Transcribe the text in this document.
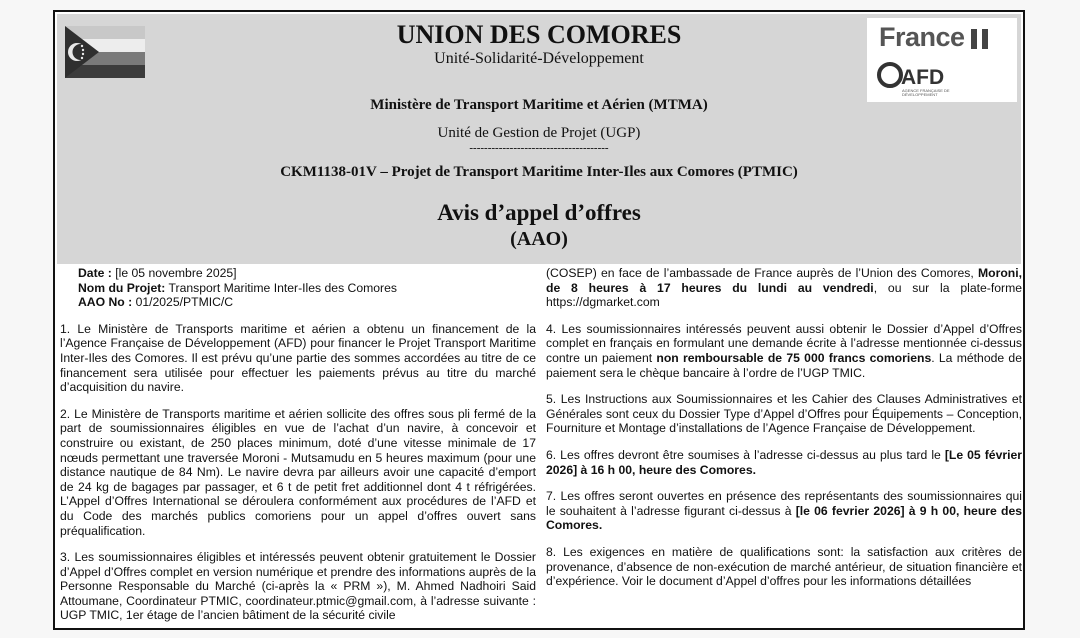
UNION DES COMORES
Unité-Solidarité-Développement
Ministère de Transport Maritime et Aérien (MTMA)
Unité de Gestion de Projet (UGP)
--------------------------------------
CKM1138-01V – Projet de Transport Maritime Inter-Iles aux Comores (PTMIC)
Avis d’appel d’offres
(AAO)
France
AFD
AGENCE FRANÇAISE DE DÉVELOPPEMENT
Date : [le 05 novembre 2025]
Nom du Projet: Transport Maritime Inter-Iles des Comores
AAO No : 01/2025/PTMIC/C

1. Le Ministère de Transports maritime et aérien a obtenu un financement de la l’Agence Française de Développement (AFD) pour financer le Projet Transport Maritime Inter-Iles des Comores. Il est prévu qu’une partie des sommes accordées au titre de ce financement sera utilisée pour effectuer les paiements prévus au titre du marché d’acquisition du navire.

2. Le Ministère de Transports maritime et aérien sollicite des offres sous pli fermé de la part de soumissionnaires éligibles en vue de l’achat d’un navire, à concevoir et construire ou existant, de 250 places minimum, doté d’une vitesse minimale de 17 nœuds permettant une traversée Moroni - Mutsamudu en 5 heures maximum (pour une distance nautique de 84 Nm). Le navire devra par ailleurs avoir une capacité d’emport de 24 kg de bagages par passager, et 6 t de petit fret additionnel dont 4 t réfrigérées. L’Appel d’Offres International se déroulera conformément aux procédures de l’AFD et du Code des marchés publics comoriens pour un appel d’offres ouvert sans préqualification.

3. Les soumissionnaires éligibles et intéressés peuvent obtenir gratuitement le Dossier d’Appel d’Offres complet en version numérique et prendre des informations auprès de la Personne Responsable du Marché (ci-après la « PRM »), M. Ahmed Nadhoiri Said Attoumane, Coordinateur PTMIC, coordinateur.ptmic@gmail.com, à l’adresse suivante : UGP TMIC, 1er étage de l’ancien bâtiment de la sécurité civile

(COSEP) en face de l’ambassade de France auprès de l’Union des Comores, Moroni, de 8 heures à 17 heures du lundi au vendredi, ou sur la plate-forme https://dgmarket.com

4. Les soumissionnaires intéressés peuvent aussi obtenir le Dossier d’Appel d’Offres complet en français en formulant une demande écrite à l’adresse mentionnée ci-dessus contre un paiement non remboursable de 75 000 francs comoriens. La méthode de paiement sera le chèque bancaire à l’ordre de l’UGP TMIC.

5. Les Instructions aux Soumissionnaires et les Cahier des Clauses Administratives et Générales sont ceux du Dossier Type d’Appel d’Offres pour Équipements – Conception, Fourniture et Montage d’installations de l’Agence Française de Développement.

6. Les offres devront être soumises à l’adresse ci-dessus au plus tard le [Le 05 février 2026] à 16 h 00, heure des Comores.

7. Les offres seront ouvertes en présence des représentants des soumissionnaires qui le souhaitent à l’adresse figurant ci-dessus à [le 06 fevrier 2026] à 9 h 00, heure des Comores.

8. Les exigences en matière de qualifications sont: la satisfaction aux critères de provenance, d’absence de non-exécution de marché antérieur, de situation financière et d’expérience. Voir le document d’Appel d’offres pour les informations détaillées
